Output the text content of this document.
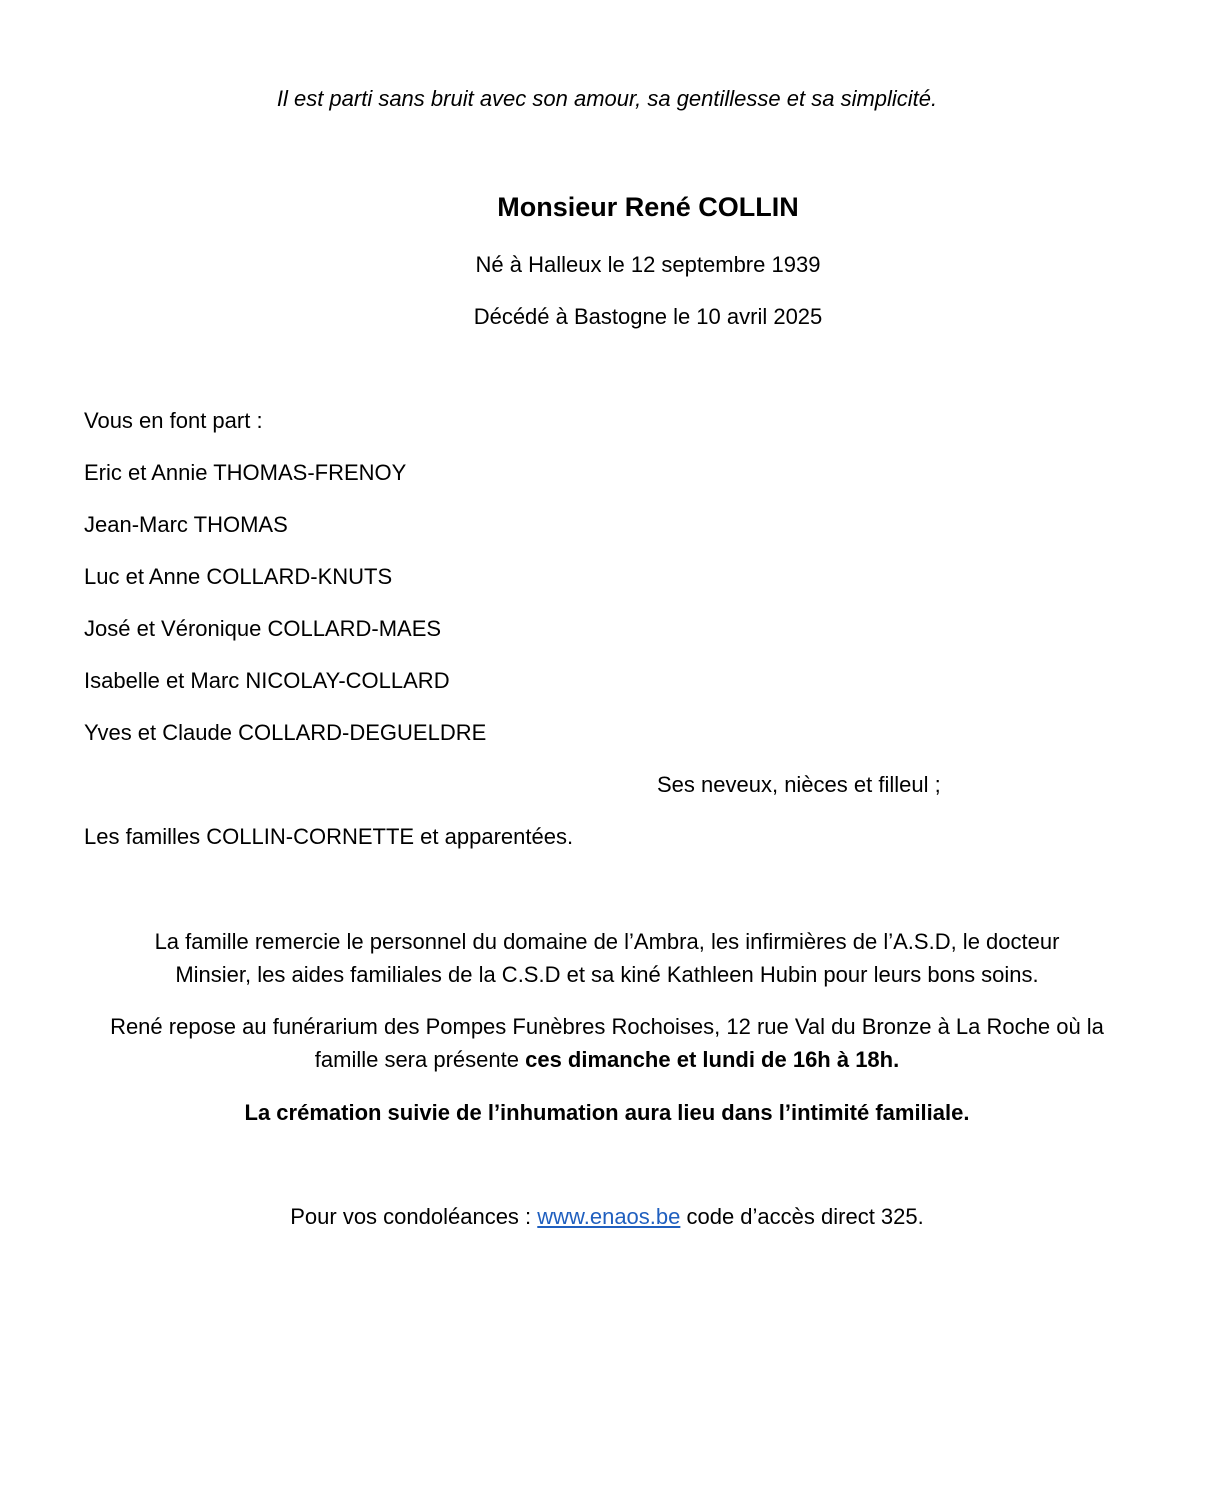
Il est parti sans bruit avec son amour, sa gentillesse et sa simplicité.
Monsieur René COLLIN
Né à Halleux le 12 septembre 1939
Décédé à Bastogne le 10 avril 2025
Vous en font part :
Eric et Annie THOMAS-FRENOY
Jean-Marc THOMAS
Luc et Anne COLLARD-KNUTS
José et Véronique COLLARD-MAES
Isabelle et Marc NICOLAY-COLLARD
Yves et Claude COLLARD-DEGUELDRE
Ses neveux, nièces et filleul ;
Les familles COLLIN-CORNETTE et apparentées.
La famille remercie le personnel du domaine de l’Ambra, les infirmières de l’A.S.D, le docteur
Minsier, les aides familiales de la C.S.D et sa kiné Kathleen Hubin pour leurs bons soins.
René repose au funérarium des Pompes Funèbres Rochoises, 12 rue Val du Bronze à La Roche où la
famille sera présente ces dimanche et lundi de 16h à 18h.
La crémation suivie de l’inhumation aura lieu dans l’intimité familiale.
Pour vos condoléances : www.enaos.be code d’accès direct 325.
